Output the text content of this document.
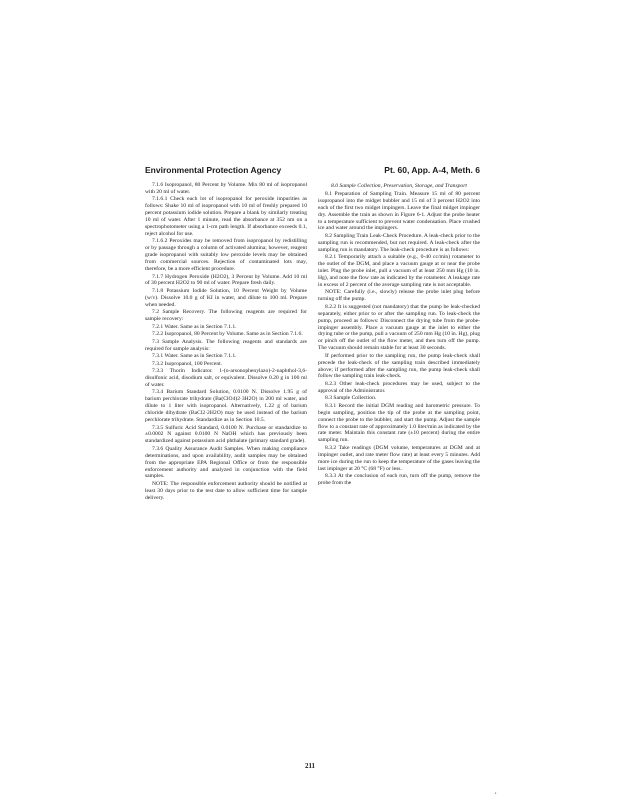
Environmental Protection Agency	Pt. 60, App. A-4, Meth. 6

7.1.6 Isopropanol, 80 Percent by Volume. Mix 80 ml of isopropanol with 20 ml of water.

7.1.6.1 Check each lot of isopropanol for peroxide impurities as follows: Shake 10 ml of isopropanol with 10 ml of freshly prepared 10 percent potassium iodide solution. Prepare a blank by similarly treating 10 ml of water. After 1 minute, read the absorbance at 352 nm on a spectrophotometer using a 1-cm path length. If absorbance exceeds 0.1, reject alcohol for use.

7.1.6.2 Peroxides may be removed from isopropanol by redistilling or by passage through a column of activated alumina; however, reagent grade isopropanol with suitably low peroxide levels may be obtained from commercial sources. Rejection of contaminated lots may, therefore, be a more efficient procedure.

7.1.7 Hydrogen Peroxide (H2O2), 3 Percent by Volume. Add 10 ml of 30 percent H2O2 to 90 ml of water. Prepare fresh daily.

7.1.8 Potassium Iodide Solution, 10 Percent Weight by Volume (w/v). Dissolve 10.0 g of KI in water, and dilute to 100 ml. Prepare when needed.

7.2 Sample Recovery. The following reagents are required for sample recovery:

7.2.1 Water. Same as in Section 7.1.1.

7.2.2 Isopropanol, 80 Percent by Volume. Same as in Section 7.1.6.

7.3 Sample Analysis. The following reagents and standards are required for sample analysis:

7.3.1 Water. Same as in Section 7.1.1.

7.3.2 Isopropanol, 100 Percent.

7.3.3 Thorin Indicator. 1-(o-arsonophenylazo)-2-naphthol-3,6-disulfonic acid, disodium salt, or equivalent. Dissolve 0.20 g in 100 ml of water.

7.3.4 Barium Standard Solution, 0.0100 N. Dissolve 1.95 g of barium perchlorate trihydrate (Ba(ClO4)2·3H2O) in 200 ml water, and dilute to 1 liter with isopropanol. Alternatively, 1.22 g of barium chloride dihydrate (BaCl2·2H2O) may be used instead of the barium perchlorate trihydrate. Standardize as in Section 10.5.

7.3.5 Sulfuric Acid Standard, 0.0100 N. Purchase or standardize to ±0.0002 N against 0.0100 N NaOH which has previously been standardized against potassium acid phthalate (primary standard grade).

7.3.6 Quality Assurance Audit Samples. When making compliance determinations, and upon availability, audit samples may be obtained from the appropriate EPA Regional Office or from the responsible enforcement authority and analyzed in conjunction with the field samples.

NOTE: The responsible enforcement authority should be notified at least 30 days prior to the test date to allow sufficient time for sample delivery.

8.0 Sample Collection, Preservation, Storage, and Transport

8.1 Preparation of Sampling Train. Measure 15 ml of 80 percent isopropanol into the midget bubbler and 15 ml of 3 percent H2O2 into each of the first two midget impingers. Leave the final midget impinger dry. Assemble the train as shown in Figure 6-1. Adjust the probe heater to a temperature sufficient to prevent water condensation. Place crushed ice and water around the impingers.

8.2 Sampling Train Leak-Check Procedure. A leak-check prior to the sampling run is recommended, but not required. A leak-check after the sampling run is mandatory. The leak-check procedure is as follows:

8.2.1 Temporarily attach a suitable (e.g., 0-40 cc/min) rotameter to the outlet of the DGM, and place a vacuum gauge at or near the probe inlet. Plug the probe inlet, pull a vacuum of at least 250 mm Hg (10 in. Hg), and note the flow rate as indicated by the rotameter. A leakage rate in excess of 2 percent of the average sampling rate is not acceptable.

NOTE: Carefully (i.e., slowly) release the probe inlet plug before turning off the pump.

8.2.2 It is suggested (not mandatory) that the pump be leak-checked separately, either prior to or after the sampling run. To leak-check the pump, proceed as follows: Disconnect the drying tube from the probe-impinger assembly. Place a vacuum gauge at the inlet to either the drying tube or the pump, pull a vacuum of 250 mm Hg (10 in. Hg), plug or pinch off the outlet of the flow meter, and then turn off the pump. The vacuum should remain stable for at least 30 seconds.

If performed prior to the sampling run, the pump leak-check shall precede the leak-check of the sampling train described immediately above; if performed after the sampling run, the pump leak-check shall follow the sampling train leak-check.

8.2.3 Other leak-check procedures may be used, subject to the approval of the Administrator.

8.3 Sample Collection.

8.3.1 Record the initial DGM reading and barometric pressure. To begin sampling, position the tip of the probe at the sampling point, connect the probe to the bubbler, and start the pump. Adjust the sample flow to a constant rate of approximately 1.0 liter/min as indicated by the rate meter. Maintain this constant rate (±10 percent) during the entire sampling run.

8.3.2 Take readings (DGM volume, temperatures at DGM and at impinger outlet, and rate meter flow rate) at least every 5 minutes. Add more ice during the run to keep the temperature of the gases leaving the last impinger at 20 °C (68 °F) or less.

8.3.3 At the conclusion of each run, turn off the pump, remove the probe from the

211
,
